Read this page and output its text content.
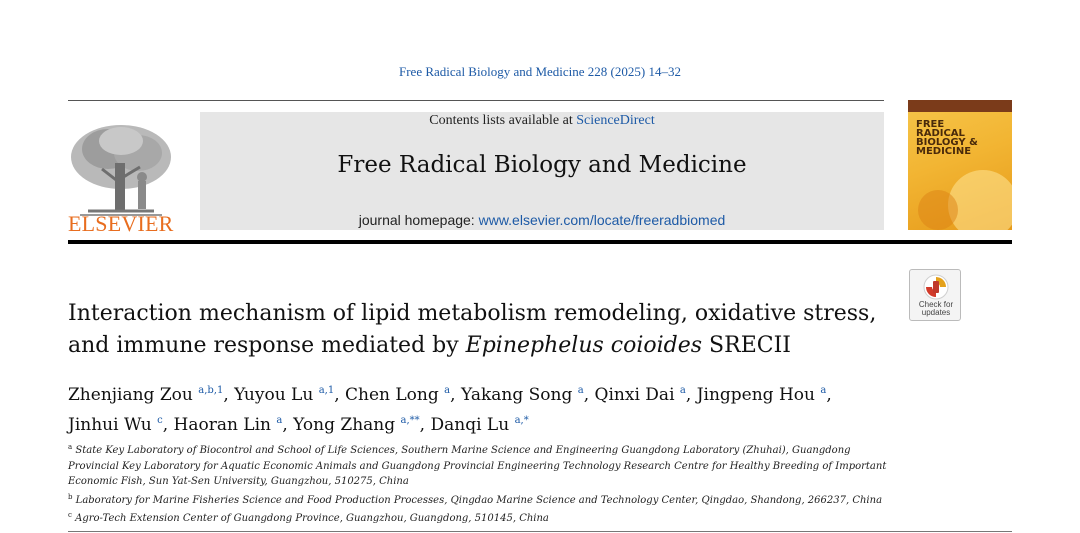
Free Radical Biology and Medicine 228 (2025) 14–32
ELSEVIER
Contents lists available at ScienceDirect
Free Radical Biology and Medicine
journal homepage: www.elsevier.com/locate/freeradbiomed
FREE
RADICAL
BIOLOGY &
MEDICINE
Check for
updates
Interaction mechanism of lipid metabolism remodeling, oxidative stress,
and immune response mediated by Epinephelus coioides SRECII
Zhenjiang Zou $^{a,b,1}$, Yuyou Lu $^{a,1}$, Chen Long $^a$, Yakang Song $^a$, Qinxi Dai $^a$, Jingpeng Hou $^a$,
Jinhui Wu $^c$, Haoran Lin $^a$, Yong Zhang $^{a,**}$, Danqi Lu $^{a,*}$
$^a$ State Key Laboratory of Biocontrol and School of Life Sciences, Southern Marine Science and Engineering Guangdong Laboratory (Zhuhai), Guangdong Provincial Key Laboratory for Aquatic Economic Animals and Guangdong Provincial Engineering Technology Research Centre for Healthy Breeding of Important Economic Fish, Sun Yat-Sen University, Guangzhou, 510275, China
$^b$ Laboratory for Marine Fisheries Science and Food Production Processes, Qingdao Marine Science and Technology Center, Qingdao, Shandong, 266237, China
$^c$ Agro-Tech Extension Center of Guangdong Province, Guangzhou, Guangdong, 510145, China
